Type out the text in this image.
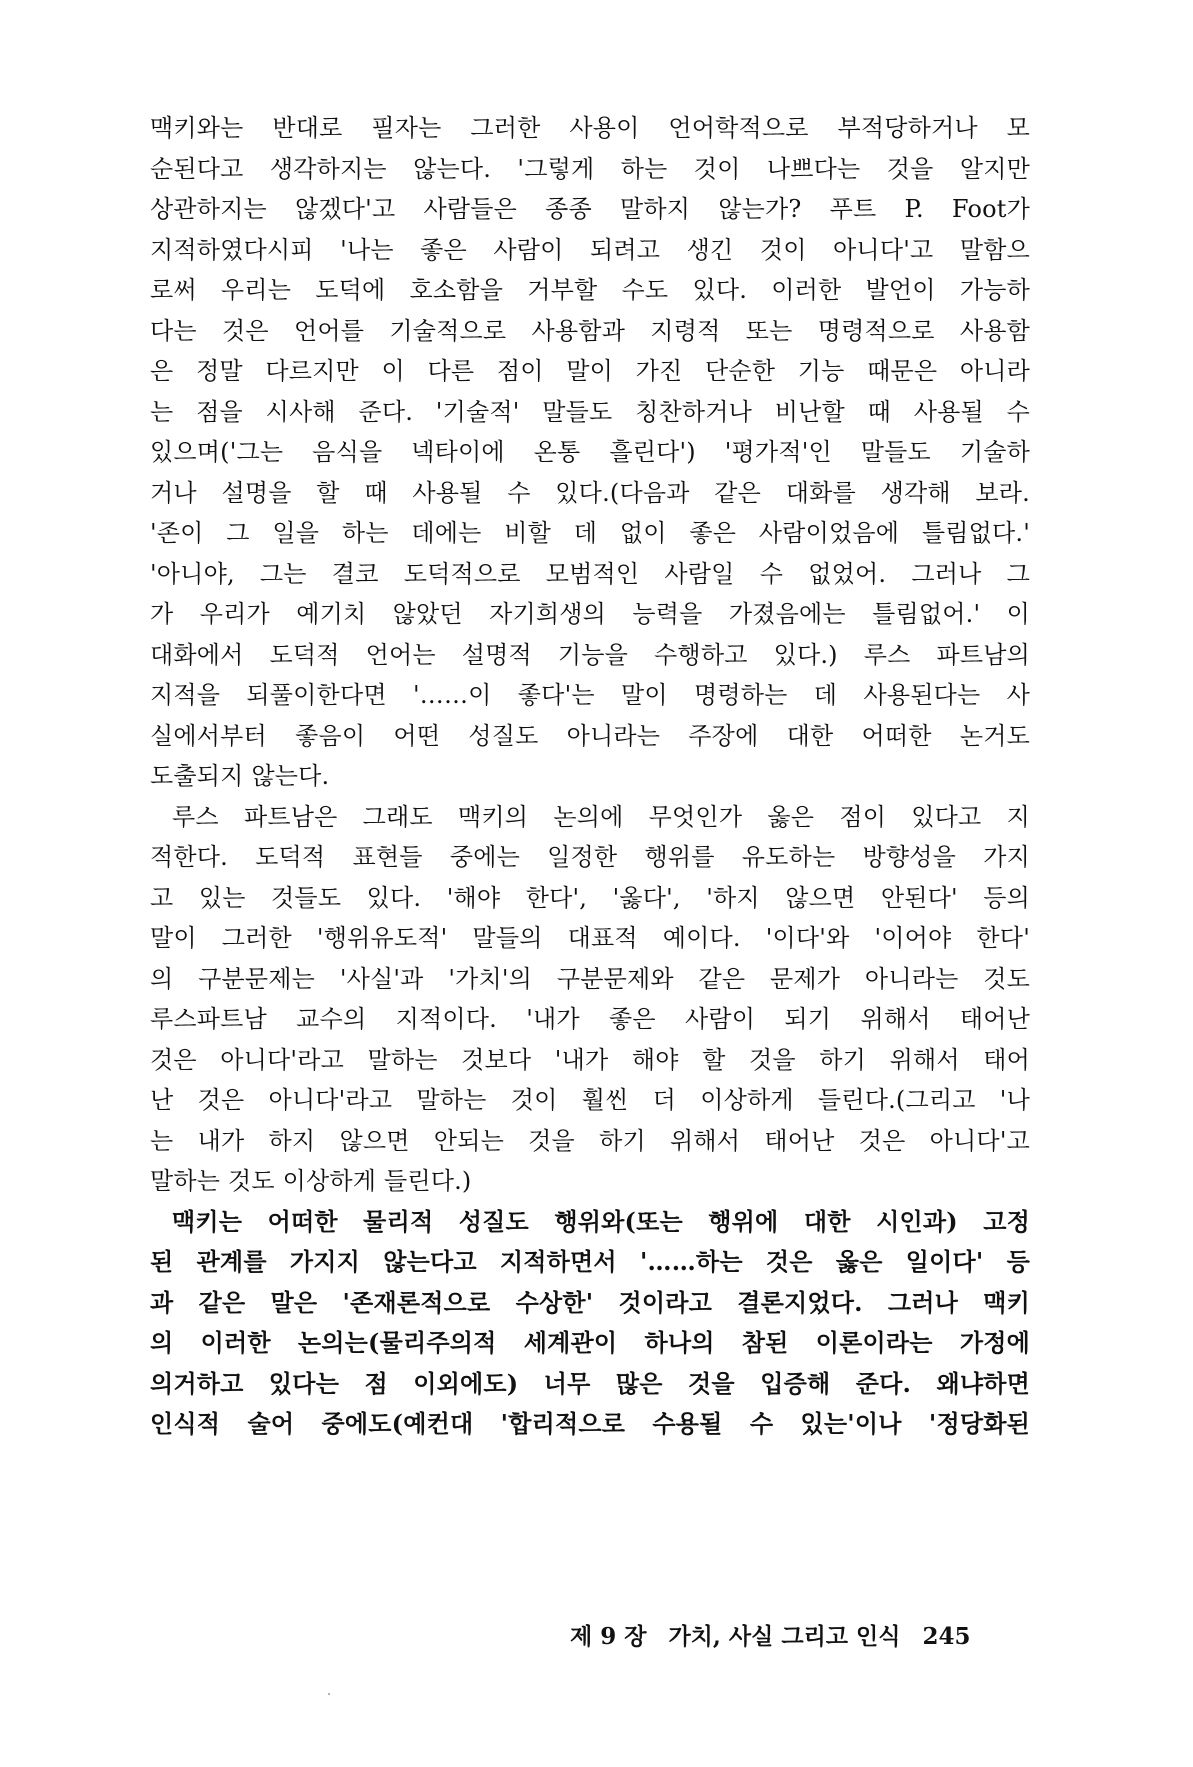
맥키와는 반대로 필자는 그러한 사용이 언어학적으로 부적당하거나 모
순된다고 생각하지는 않는다. '그렇게 하는 것이 나쁘다는 것을 알지만
상관하지는 않겠다'고 사람들은 종종 말하지 않는가? 푸트 P. Foot가
지적하였다시피 '나는 좋은 사람이 되려고 생긴 것이 아니다'고 말함으
로써 우리는 도덕에 호소함을 거부할 수도 있다. 이러한 발언이 가능하
다는 것은 언어를 기술적으로 사용함과 지령적 또는 명령적으로 사용함
은 정말 다르지만 이 다른 점이 말이 가진 단순한 기능 때문은 아니라
는 점을 시사해 준다. '기술적' 말들도 칭찬하거나 비난할 때 사용될 수
있으며('그는 음식을 넥타이에 온통 흘린다') '평가적'인 말들도 기술하
거나 설명을 할 때 사용될 수 있다.(다음과 같은 대화를 생각해 보라.
'존이 그 일을 하는 데에는 비할 데 없이 좋은 사람이었음에 틀림없다.'
'아니야, 그는 결코 도덕적으로 모범적인 사람일 수 없었어. 그러나 그
가 우리가 예기치 않았던 자기희생의 능력을 가졌음에는 틀림없어.' 이
대화에서 도덕적 언어는 설명적 기능을 수행하고 있다.) 루스 파트남의
지적을 되풀이한다면 '……이 좋다'는 말이 명령하는 데 사용된다는 사
실에서부터 좋음이 어떤 성질도 아니라는 주장에 대한 어떠한 논거도
도출되지 않는다.
루스 파트남은 그래도 맥키의 논의에 무엇인가 옳은 점이 있다고 지
적한다. 도덕적 표현들 중에는 일정한 행위를 유도하는 방향성을 가지
고 있는 것들도 있다. '해야 한다', '옳다', '하지 않으면 안된다' 등의
말이 그러한 '행위유도적' 말들의 대표적 예이다. '이다'와 '이어야 한다'
의 구분문제는 '사실'과 '가치'의 구분문제와 같은 문제가 아니라는 것도
루스파트남 교수의 지적이다. '내가 좋은 사람이 되기 위해서 태어난
것은 아니다'라고 말하는 것보다 '내가 해야 할 것을 하기 위해서 태어
난 것은 아니다'라고 말하는 것이 훨씬 더 이상하게 들린다.(그리고 '나
는 내가 하지 않으면 안되는 것을 하기 위해서 태어난 것은 아니다'고
말하는 것도 이상하게 들린다.)
맥키는 어떠한 물리적 성질도 행위와(또는 행위에 대한 시인과) 고정
된 관계를 가지지 않는다고 지적하면서 '……하는 것은 옳은 일이다' 등
과 같은 말은 '존재론적으로 수상한' 것이라고 결론지었다. 그러나 맥키
의 이러한 논의는(물리주의적 세계관이 하나의 참된 이론이라는 가정에
의거하고 있다는 점 이외에도) 너무 많은 것을 입증해 준다. 왜냐하면
인식적 술어 중에도(예컨대 '합리적으로 수용될 수 있는'이나 '정당화된
제 9 장 가치, 사실 그리고 인식 245
